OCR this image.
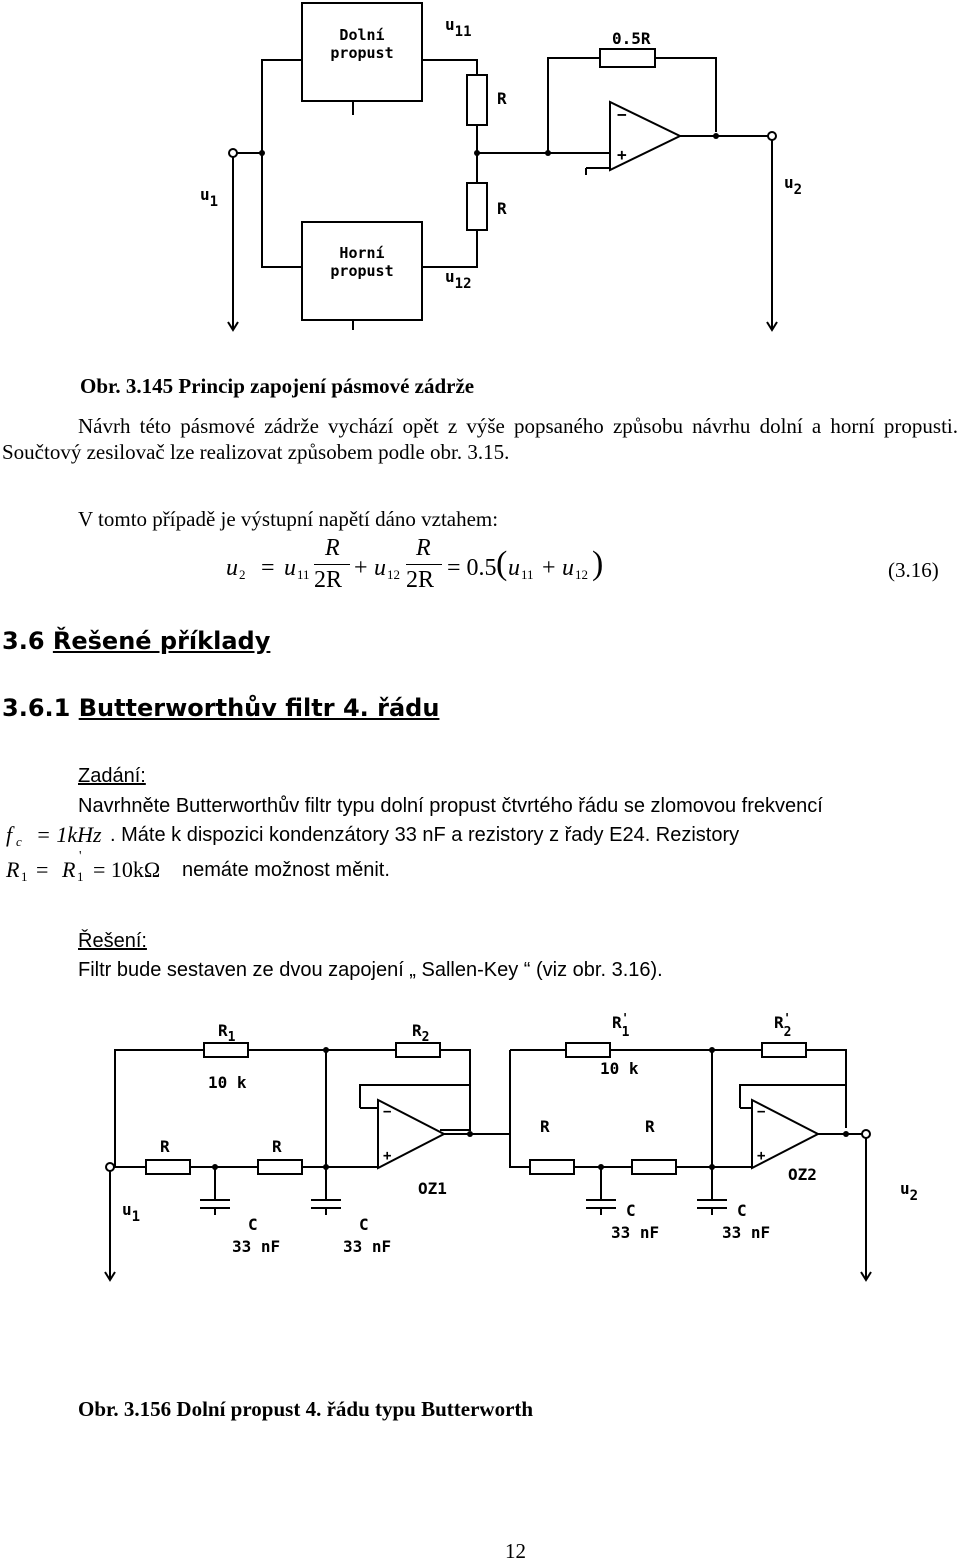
−
+
Dolní propust
Horní propust
u11
u12
R
R
0.5R
u1
u2
Obr. 3.145 Princip zapojení pásmové zádrže
Návrh této pásmové zádrže vychází opět z výše popsaného způsobu návrhu dolní a horní propusti. Součtový zesilovač lze realizovat způsobem podle obr. 3.15.
V tomto případě je výstupní napětí dáno vztahem:
u 2 = u 11
R
2R + u 12
R
2R = 0.5 ( u 11 + u 12 )	(3.16)
3.6 Řešené příklady
3.6.1 Butterworthův filtr 4. řádu
Zadání:
Navrhněte Butterworthův filtr typu dolní propust čtvrtého řádu se zlomovou frekvencí
f c = 1kHz . Máte k dispozici kondenzátory 33 nF a rezistory z řady E24. Rezistory
R 1 = R 1
'
= 10kΩ nemáte možnost měnit.
Řešení:
Filtr bude sestaven ze dvou zapojení „ Sallen-Key “ (viz obr. 3.16).
−
+
−
+
$R_1$
10 k
$R_2$
$R_1'$
10 k
$R_2'$
R	R
R	R
C
33 nF
C
33 nF
C
33 nF
C
33 nF
OZ1
OZ2
u1
u2
Obr. 3.156 Dolní propust 4. řádu typu Butterworth
12
